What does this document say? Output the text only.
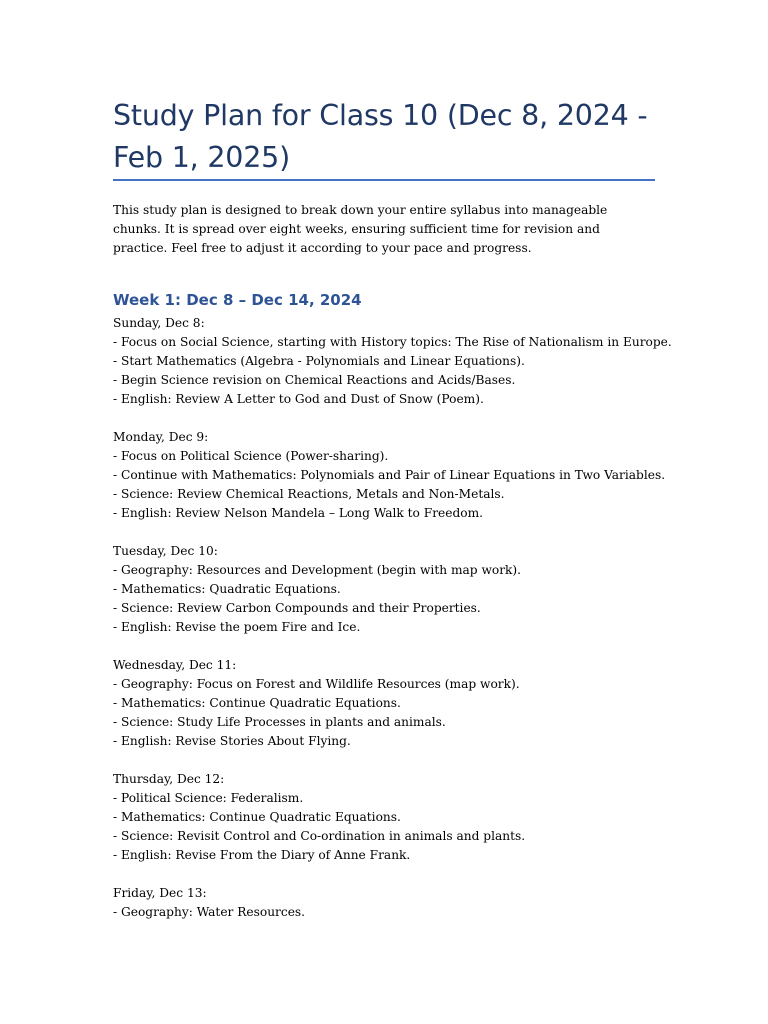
Study Plan for Class 10 (Dec 8, 2024 - Feb 1, 2025)

This study plan is designed to break down your entire syllabus into manageable chunks. It is spread over eight weeks, ensuring sufficient time for revision and practice. Feel free to adjust it according to your pace and progress.

Week 1: Dec 8 – Dec 14, 2024
Sunday, Dec 8:
- Focus on Social Science, starting with History topics: The Rise of Nationalism in Europe.
- Start Mathematics (Algebra - Polynomials and Linear Equations).
- Begin Science revision on Chemical Reactions and Acids/Bases.
- English: Review A Letter to God and Dust of Snow (Poem).
Monday, Dec 9:
- Focus on Political Science (Power-sharing).
- Continue with Mathematics: Polynomials and Pair of Linear Equations in Two Variables.
- Science: Review Chemical Reactions, Metals and Non-Metals.
- English: Review Nelson Mandela – Long Walk to Freedom.
Tuesday, Dec 10:
- Geography: Resources and Development (begin with map work).
- Mathematics: Quadratic Equations.
- Science: Review Carbon Compounds and their Properties.
- English: Revise the poem Fire and Ice.
Wednesday, Dec 11:
- Geography: Focus on Forest and Wildlife Resources (map work).
- Mathematics: Continue Quadratic Equations.
- Science: Study Life Processes in plants and animals.
- English: Revise Stories About Flying.
Thursday, Dec 12:
- Political Science: Federalism.
- Mathematics: Continue Quadratic Equations.
- Science: Revisit Control and Co-ordination in animals and plants.
- English: Revise From the Diary of Anne Frank.
Friday, Dec 13:
- Geography: Water Resources.
